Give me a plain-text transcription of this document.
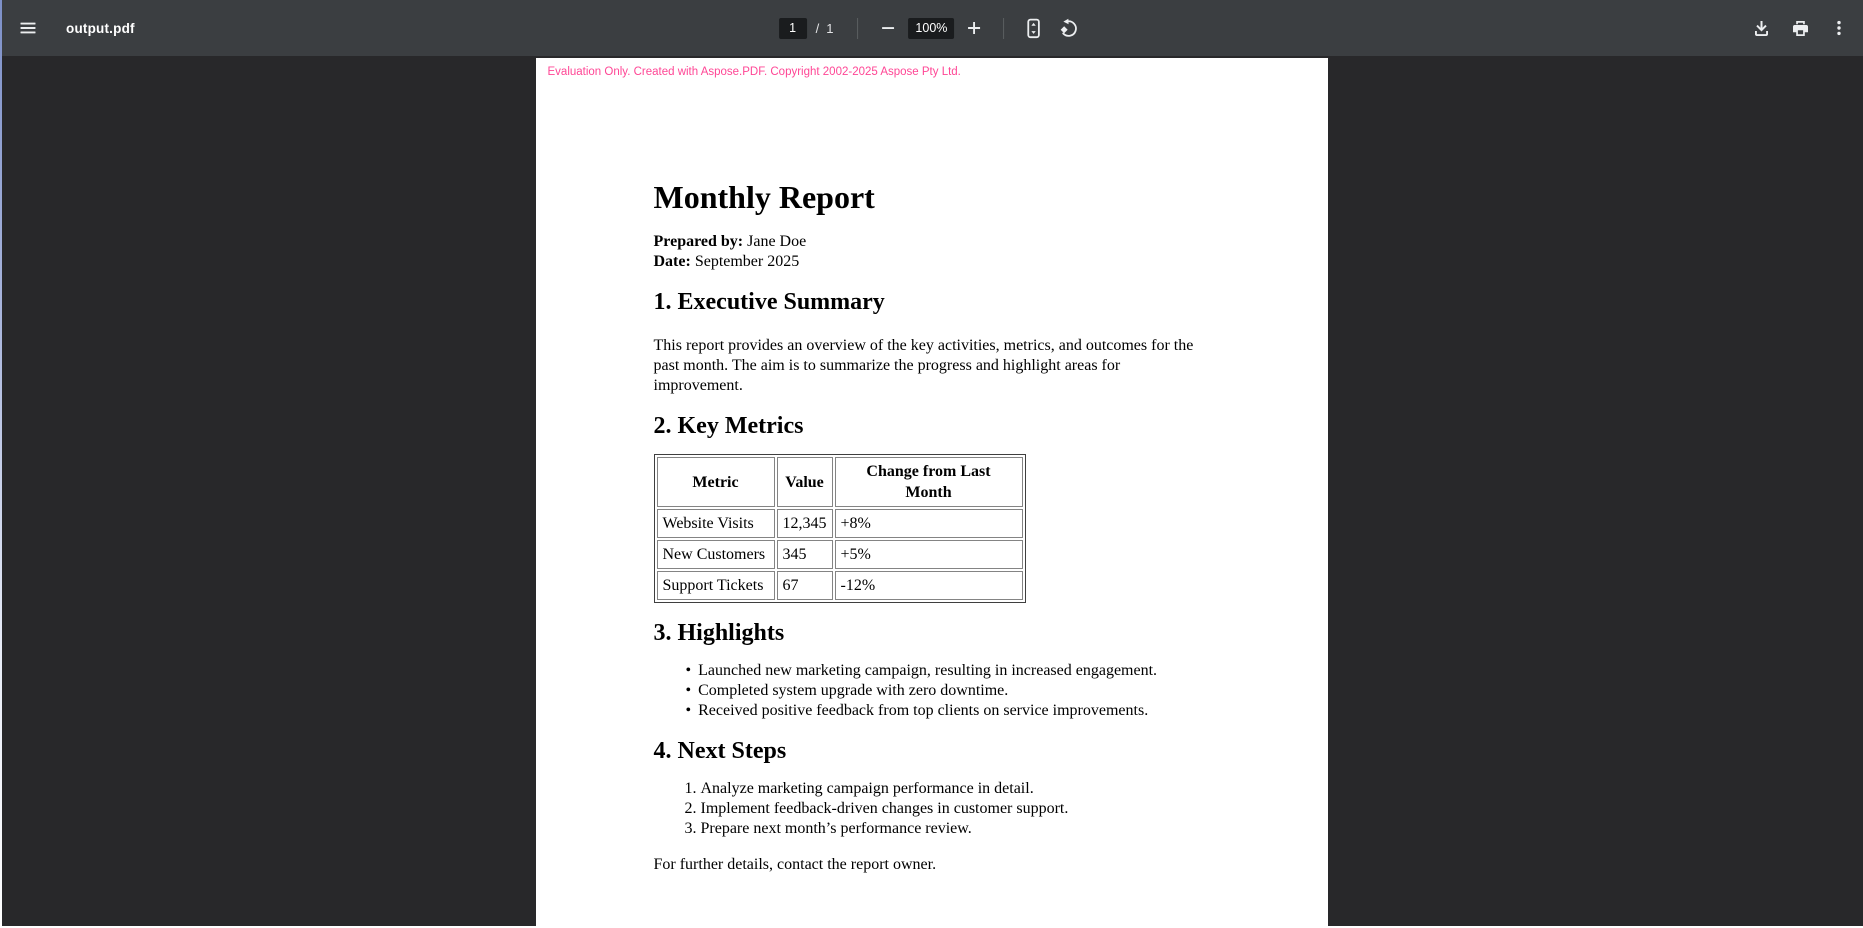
output.pdf
1	/ 1	100%
Evaluation Only. Created with Aspose.PDF. Copyright 2002-2025 Aspose Pty Ltd.
Monthly Report
Prepared by: Jane Doe
Date: September 2025
1. Executive Summary
This report provides an overview of the key activities, metrics, and outcomes for the
past month. The aim is to summarize the progress and highlight areas for
improvement.
2. Key Metrics
Metric	Value	Change from Last Month
Website Visits	12,345	+8%
New Customers	345	+5%
Support Tickets	67	-12%
3. Highlights
• Launched new marketing campaign, resulting in increased engagement.
• Completed system upgrade with zero downtime.
• Received positive feedback from top clients on service improvements.
4. Next Steps
1. Analyze marketing campaign performance in detail.
2. Implement feedback-driven changes in customer support.
3. Prepare next month’s performance review.

For further details, contact the report owner.
